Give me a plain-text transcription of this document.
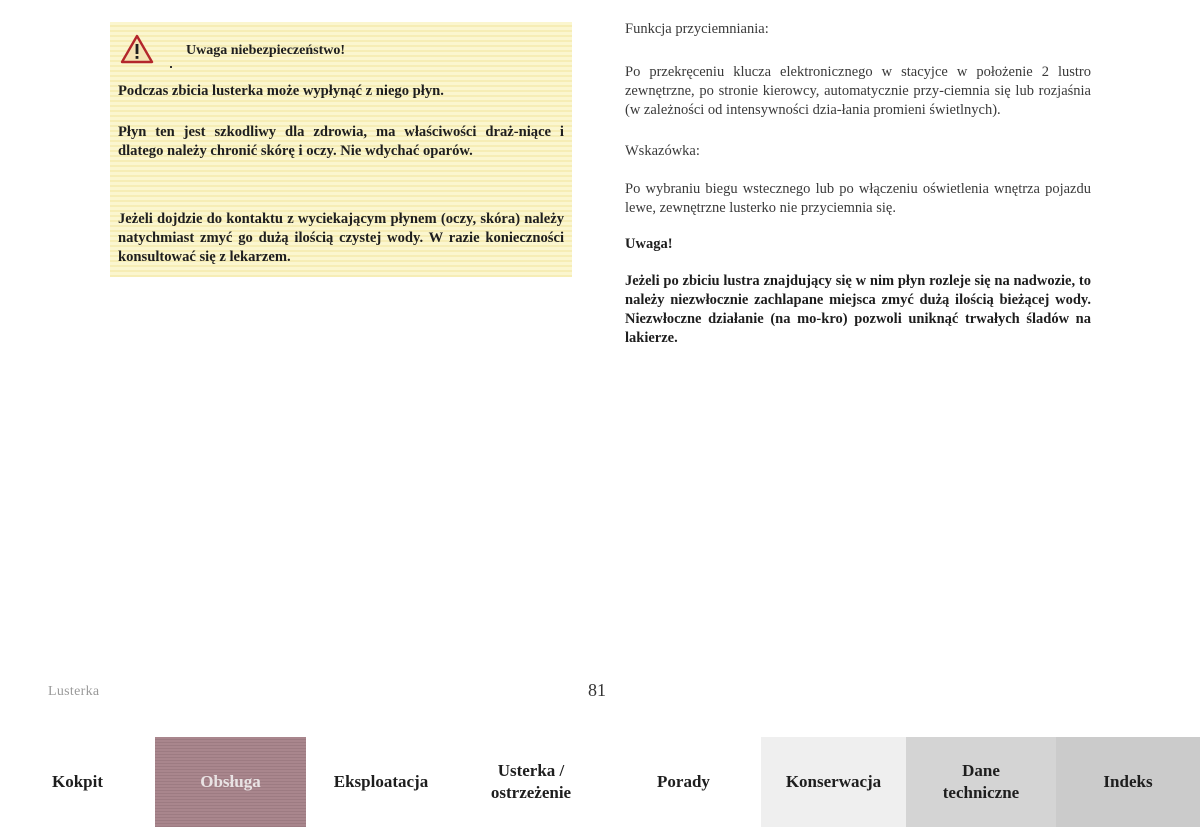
Uwaga niebezpieczeństwo!

Podczas zbicia lusterka może wypłynąć z niego płyn.

Płyn ten jest szkodliwy dla zdrowia, ma właściwości draż-niące i dlatego należy chronić skórę i oczy. Nie wdychać oparów.

Jeżeli dojdzie do kontaktu z wyciekającym płynem (oczy, skóra) należy natychmiast zmyć go dużą ilością czystej wody. W razie konieczności konsultować się z lekarzem.

Funkcja przyciemniania:

Po przekręceniu klucza elektronicznego w stacyjce w położenie 2 lustro zewnętrzne, po stronie kierowcy, automatycznie przy-ciemnia się lub rozjaśnia (w zależności od intensywności dzia-łania promieni świetlnych).

Wskazówka:

Po wybraniu biegu wstecznego lub po włączeniu oświetlenia wnętrza pojazdu lewe, zewnętrzne lusterko nie przyciemnia się.

Uwaga!

Jeżeli po zbiciu lustra znajdujący się w nim płyn rozleje się na nadwozie, to należy niezwłocznie zachlapane miejsca zmyć dużą ilością bieżącej wody. Niezwłoczne działanie (na mo-kro) pozwoli uniknąć trwałych śladów na lakierze.

Lusterka	81
Kokpit	Obsługa	Eksploatacja
Usterka /
ostrzeżenie
Porady	Konserwacja
Dane
techniczne
Indeks
